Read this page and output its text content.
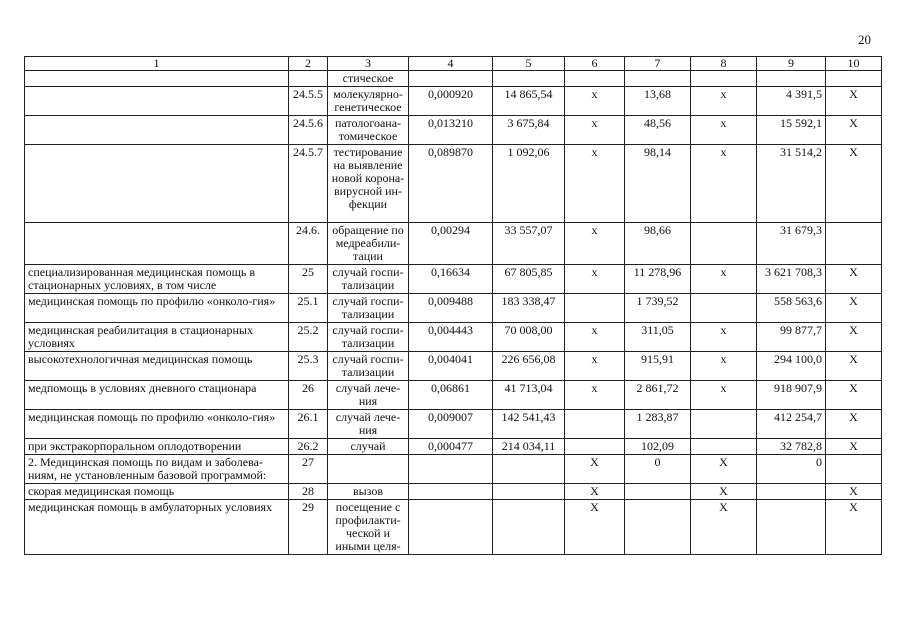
20
1	2	3	4	5	6	7	8	9	10
		стическое							
	24.5.5	молекулярно-генетическое	0,000920	14 865,54	х	13,68	х	4 391,5	Х
	24.5.6	патологоана-томическое	0,013210	3 675,84	х	48,56	х	15 592,1	Х
	24.5.7	тестирование на выявление новой корона-вирусной ин-фекции	0,089870	1 092,06	х	98,14	х	31 514,2	Х
	24.6.	обращение по медреабили-тации	0,00294	33 557,07	х	98,66		31 679,3	
специализированная медицинская помощь в стационарных условиях, в том числе	25	случай госпи-тализации	0,16634	67 805,85	х	11 278,96	х	3 621 708,3	Х
медицинская помощь по профилю «онколо-гия»	25.1	случай госпи-тализации	0,009488	183 338,47		1 739,52		558 563,6	Х
медицинская реабилитация в стационарных условиях	25.2	случай госпи-тализации	0,004443	70 008,00	х	311,05	х	99 877,7	Х
высокотехнологичная медицинская помощь	25.3	случай госпи-тализации	0,004041	226 656,08	х	915,91	х	294 100,0	Х
медпомощь в условиях дневного стационара	26	случай лече-ния	0,06861	41 713,04	х	2 861,72	х	918 907,9	Х
медицинская помощь по профилю «онколо-гия»	26.1	случай лече-ния	0,009007	142 541,43		1 283,87		412 254,7	Х
при экстракорпоральном оплодотворении	26.2	случай	0,000477	214 034,11		102,09		32 782,8	Х
2. Медицинская помощь по видам и заболева-ниям, не установленным базовой программой:	27				Х	0	Х	0	
скорая медицинская помощь	28	вызов			Х		Х		Х
медицинская помощь в амбулаторных условиях	29	посещение с профилакти-ческой и иными целя-			Х		Х		Х
